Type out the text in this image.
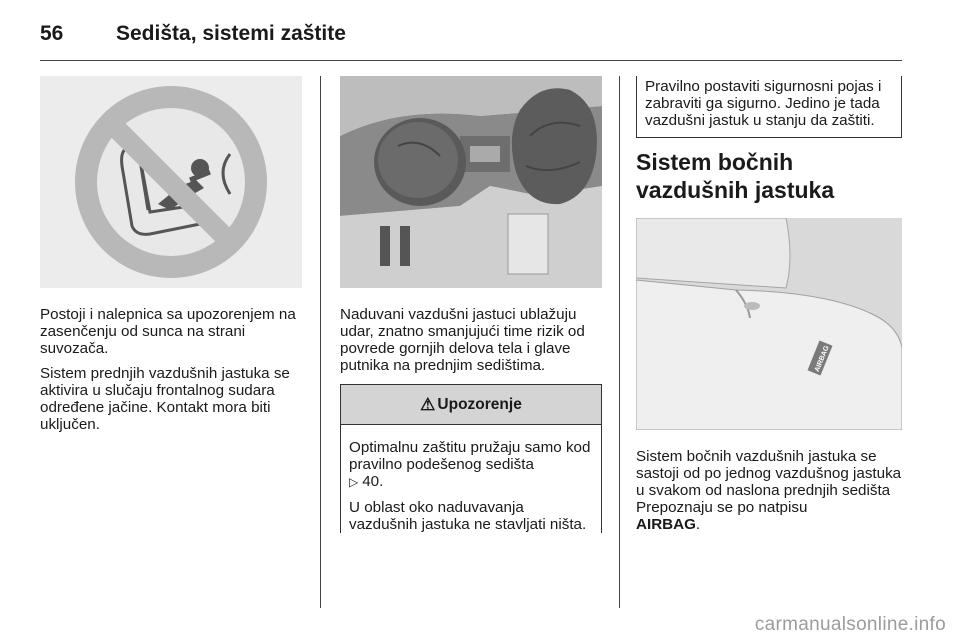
56	Sedišta, sistemi zaštite

Postoji i nalepnica sa upozorenjem na zasenčenju od sunca na strani suvozača.

Sistem prednjih vazdušnih jastuka se aktivira u slučaju frontalnog sudara određene jačine. Kontakt mora biti uključen.

Naduvani vazdušni jastuci ublažuju udar, znatno smanjujući time rizik od povrede gornjih delova tela i glave putnika na prednjim sedištima.

⚠ Upozorenje

Optimalnu zaštitu pružaju samo kod pravilno podešenog sedišta
▷ 40.

U oblast oko naduvavanja vazdušnih jastuka ne stavljati ništa.

Pravilno postaviti sigurnosni pojas i zabraviti ga sigurno. Jedino je tada vazdušni jastuk u stanju da zaštiti.

Sistem bočnih vazdušnih jastuka
AIRBAG

Sistem bočnih vazdušnih jastuka se sastoji od po jednog vazdušnog jastuka u svakom od naslona prednjih sedišta Prepoznaju se po natpisu
AIRBAG.

carmanualsonline.info
